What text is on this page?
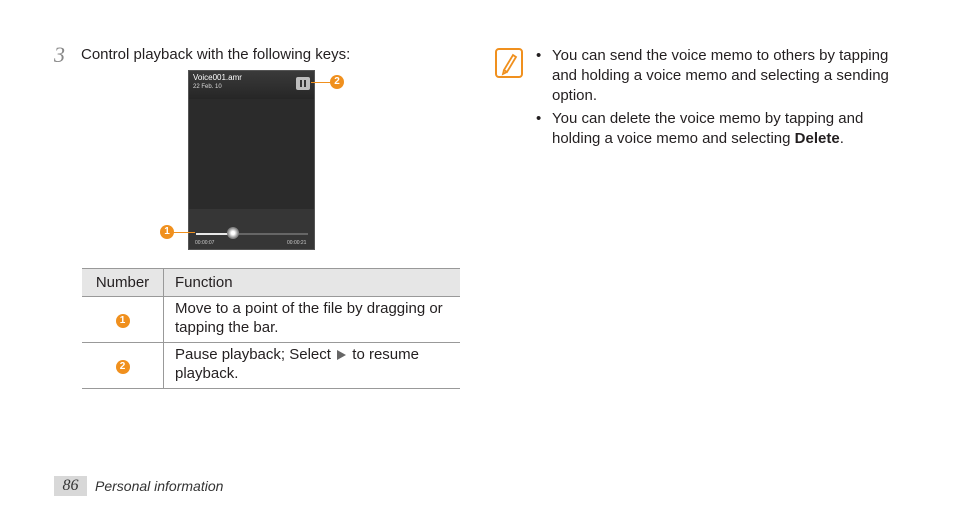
3 Control playback with the following keys:
Voice001.amr
22 Feb. 10
00:00:07	00:00:21
2
1
Number	Function
1	Move to a point of the file by dragging or tapping the bar.
2	Pause playback; Select to resume playback.
• You can send the voice memo to others by tapping and holding a voice memo and selecting a sending option.
• You can delete the voice memo by tapping and holding a voice memo and selecting Delete.
86	Personal information
